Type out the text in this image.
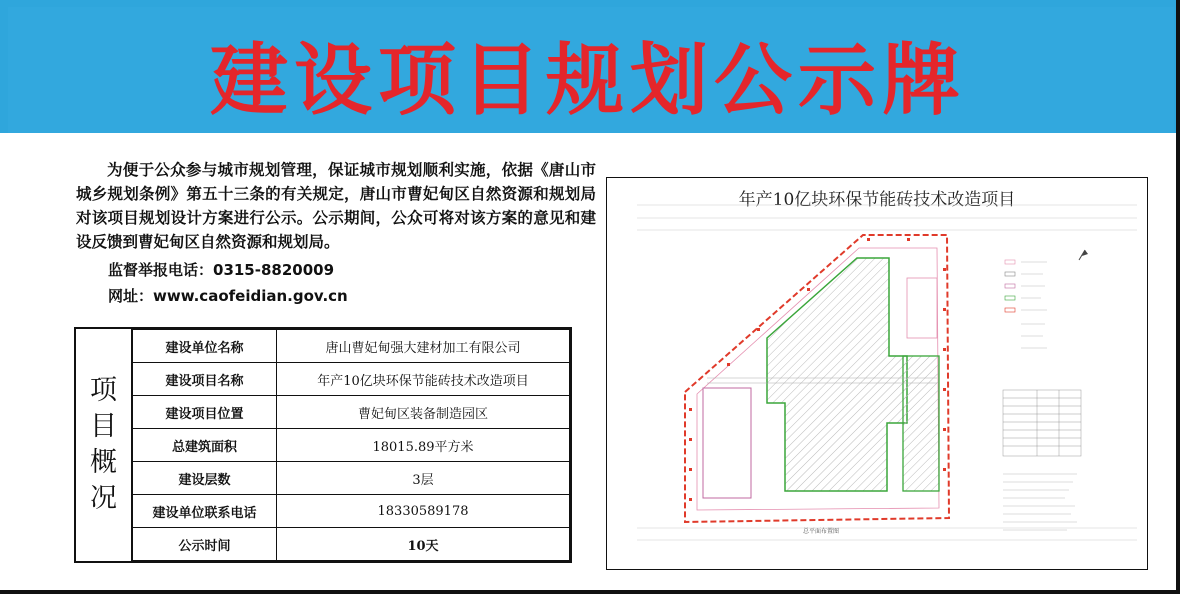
建设项目规划公示牌

为便于公众参与城市规划管理，保证城市规划顺利实施，依据《唐山市城乡规划条例》第五十三条的有关规定，唐山市曹妃甸区自然资源和规划局对该项目规划设计方案进行公示。公示期间，公众可将对该方案的意见和建设反馈到曹妃甸区自然资源和规划局。

监督举报电话：0315-8820009
网址：www.caofeidian.gov.cn
项
目
概
况
建设单位名称	唐山曹妃甸强大建材加工有限公司
建设项目名称	年产10亿块环保节能砖技术改造项目
建设项目位置	曹妃甸区装备制造园区
总建筑面积	18015.89平方米
建设层数	3层
建设单位联系电话	18330589178
公示时间	10天
年产10亿块环保节能砖技术改造项目
总平面布置图
